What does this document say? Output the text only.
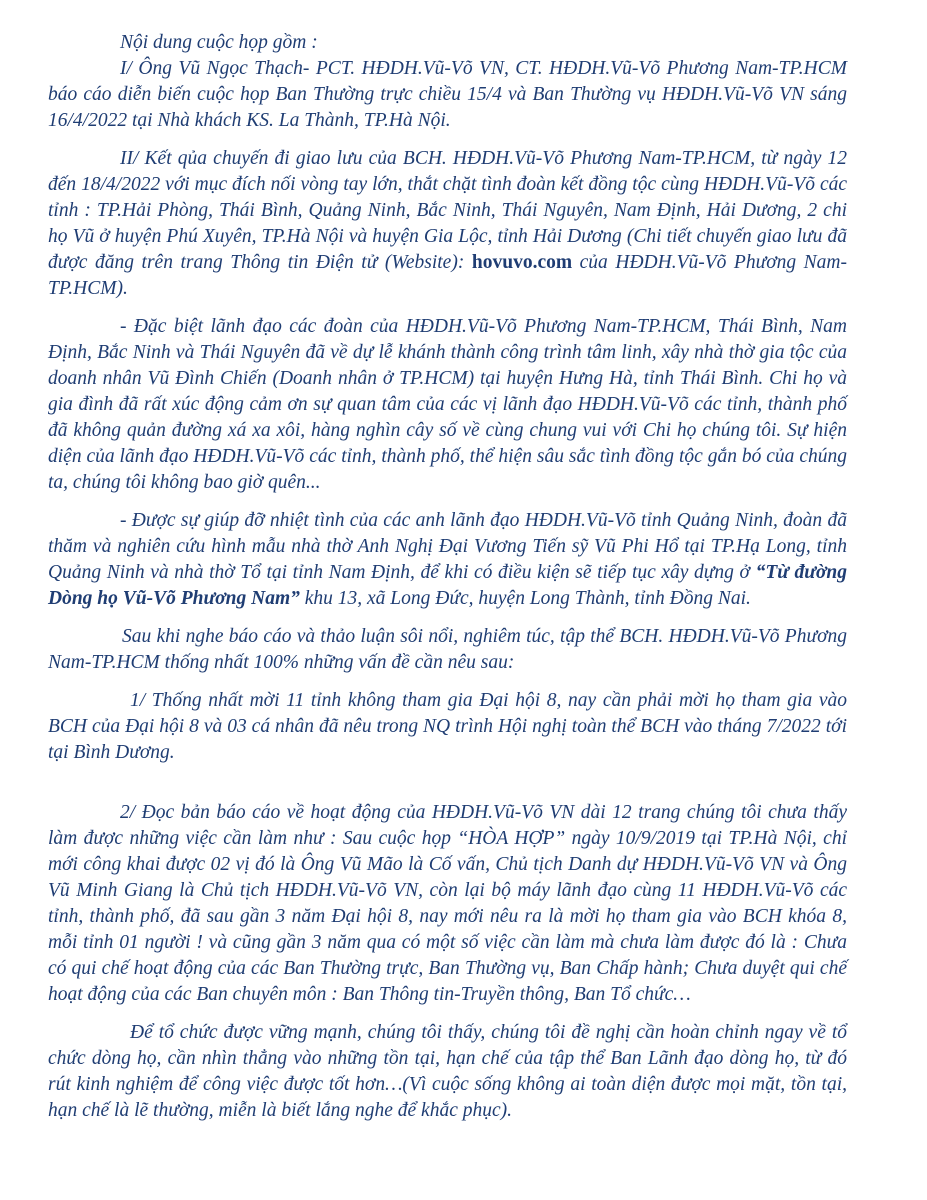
Nội dung cuộc họp gồm :

I/ Ông Vũ Ngọc Thạch- PCT. HĐDH.Vũ-Võ VN, CT. HĐDH.Vũ-Võ Phương Nam-TP.HCM báo cáo diễn biến cuộc họp Ban Thường trực chiều 15/4 và Ban Thường vụ HĐDH.Vũ-Võ VN sáng 16/4/2022 tại Nhà khách KS. La Thành, TP.Hà Nội.

II/ Kết qủa chuyến đi giao lưu của BCH. HĐDH.Vũ-Võ Phương Nam-TP.HCM, từ ngày 12 đến 18/4/2022 với mục đích nối vòng tay lớn, thắt chặt tình đoàn kết đồng tộc cùng HĐDH.Vũ-Võ các tỉnh : TP.Hải Phòng, Thái Bình, Quảng Ninh, Bắc Ninh, Thái Nguyên, Nam Định, Hải Dương, 2 chi họ Vũ ở huyện Phú Xuyên, TP.Hà Nội và huyện Gia Lộc, tỉnh Hải Dương (Chi tiết chuyến giao lưu đã được đăng trên trang Thông tin Điện tử (Website): hovuvo.com của HĐDH.Vũ-Võ Phương Nam-TP.HCM).

- Đặc biệt lãnh đạo các đoàn của HĐDH.Vũ-Võ Phương Nam-TP.HCM, Thái Bình, Nam Định, Bắc Ninh và Thái Nguyên đã về dự lễ khánh thành công trình tâm linh, xây nhà thờ gia tộc của doanh nhân Vũ Đình Chiến (Doanh nhân ở TP.HCM) tại huyện Hưng Hà, tỉnh Thái Bình. Chi họ và gia đình đã rất xúc động cảm ơn sự quan tâm của các vị lãnh đạo HĐDH.Vũ-Võ các tỉnh, thành phố đã không quản đường xá xa xôi, hàng nghìn cây số về cùng chung vui với Chi họ chúng tôi. Sự hiện diện của lãnh đạo HĐDH.Vũ-Võ các tỉnh, thành phố, thể hiện sâu sắc tình đồng tộc gắn bó của chúng ta, chúng tôi không bao giờ quên...

- Được sự giúp đỡ nhiệt tình của các anh lãnh đạo HĐDH.Vũ-Võ tỉnh Quảng Ninh, đoàn đã thăm và nghiên cứu hình mẫu nhà thờ Anh Nghị Đại Vương Tiến sỹ Vũ Phi Hổ tại TP.Hạ Long, tỉnh Quảng Ninh và nhà thờ Tổ tại tỉnh Nam Định, để khi có điều kiện sẽ tiếp tục xây dựng ở “Từ đường Dòng họ Vũ-Võ Phương Nam” khu 13, xã Long Đức, huyện Long Thành, tỉnh Đồng Nai.

Sau khi nghe báo cáo và thảo luận sôi nổi, nghiêm túc, tập thể BCH. HĐDH.Vũ-Võ Phương Nam-TP.HCM thống nhất 100% những vấn đề cần nêu sau:

1/ Thống nhất mời 11 tỉnh không tham gia Đại hội 8, nay cần phải mời họ tham gia vào BCH của Đại hội 8 và 03 cá nhân đã nêu trong NQ trình Hội nghị toàn thể BCH vào tháng 7/2022 tới tại Bình Dương.

2/ Đọc bản báo cáo về hoạt động của HĐDH.Vũ-Võ VN dài 12 trang chúng tôi chưa thấy làm được những việc cần làm như : Sau cuộc họp “HÒA HỢP” ngày 10/9/2019 tại TP.Hà Nội, chỉ mới công khai được 02 vị đó là Ông Vũ Mão là Cố vấn, Chủ tịch Danh dự HĐDH.Vũ-Võ VN và Ông Vũ Minh Giang là Chủ tịch HĐDH.Vũ-Võ VN, còn lại bộ máy lãnh đạo cùng 11 HĐDH.Vũ-Võ các tỉnh, thành phố, đã sau gần 3 năm Đại hội 8, nay mới nêu ra là mời họ tham gia vào BCH khóa 8, mỗi tỉnh 01 người ! và cũng gần 3 năm qua có một số việc cần làm mà chưa làm được đó là : Chưa có qui chế hoạt động của các Ban Thường trực, Ban Thường vụ, Ban Chấp hành; Chưa duyệt qui chế hoạt động của các Ban chuyên môn : Ban Thông tin-Truyền thông, Ban Tổ chức…

Để tổ chức được vững mạnh, chúng tôi thấy, chúng tôi đề nghị cần hoàn chỉnh ngay về tổ chức dòng họ, cần nhìn thẳng vào những tồn tại, hạn chế của tập thể Ban Lãnh đạo dòng họ, từ đó rút kinh nghiệm để công việc được tốt hơn…(Vì cuộc sống không ai toàn diện được mọi mặt, tồn tại, hạn chế là lẽ thường, miễn là biết lắng nghe để khắc phục).
